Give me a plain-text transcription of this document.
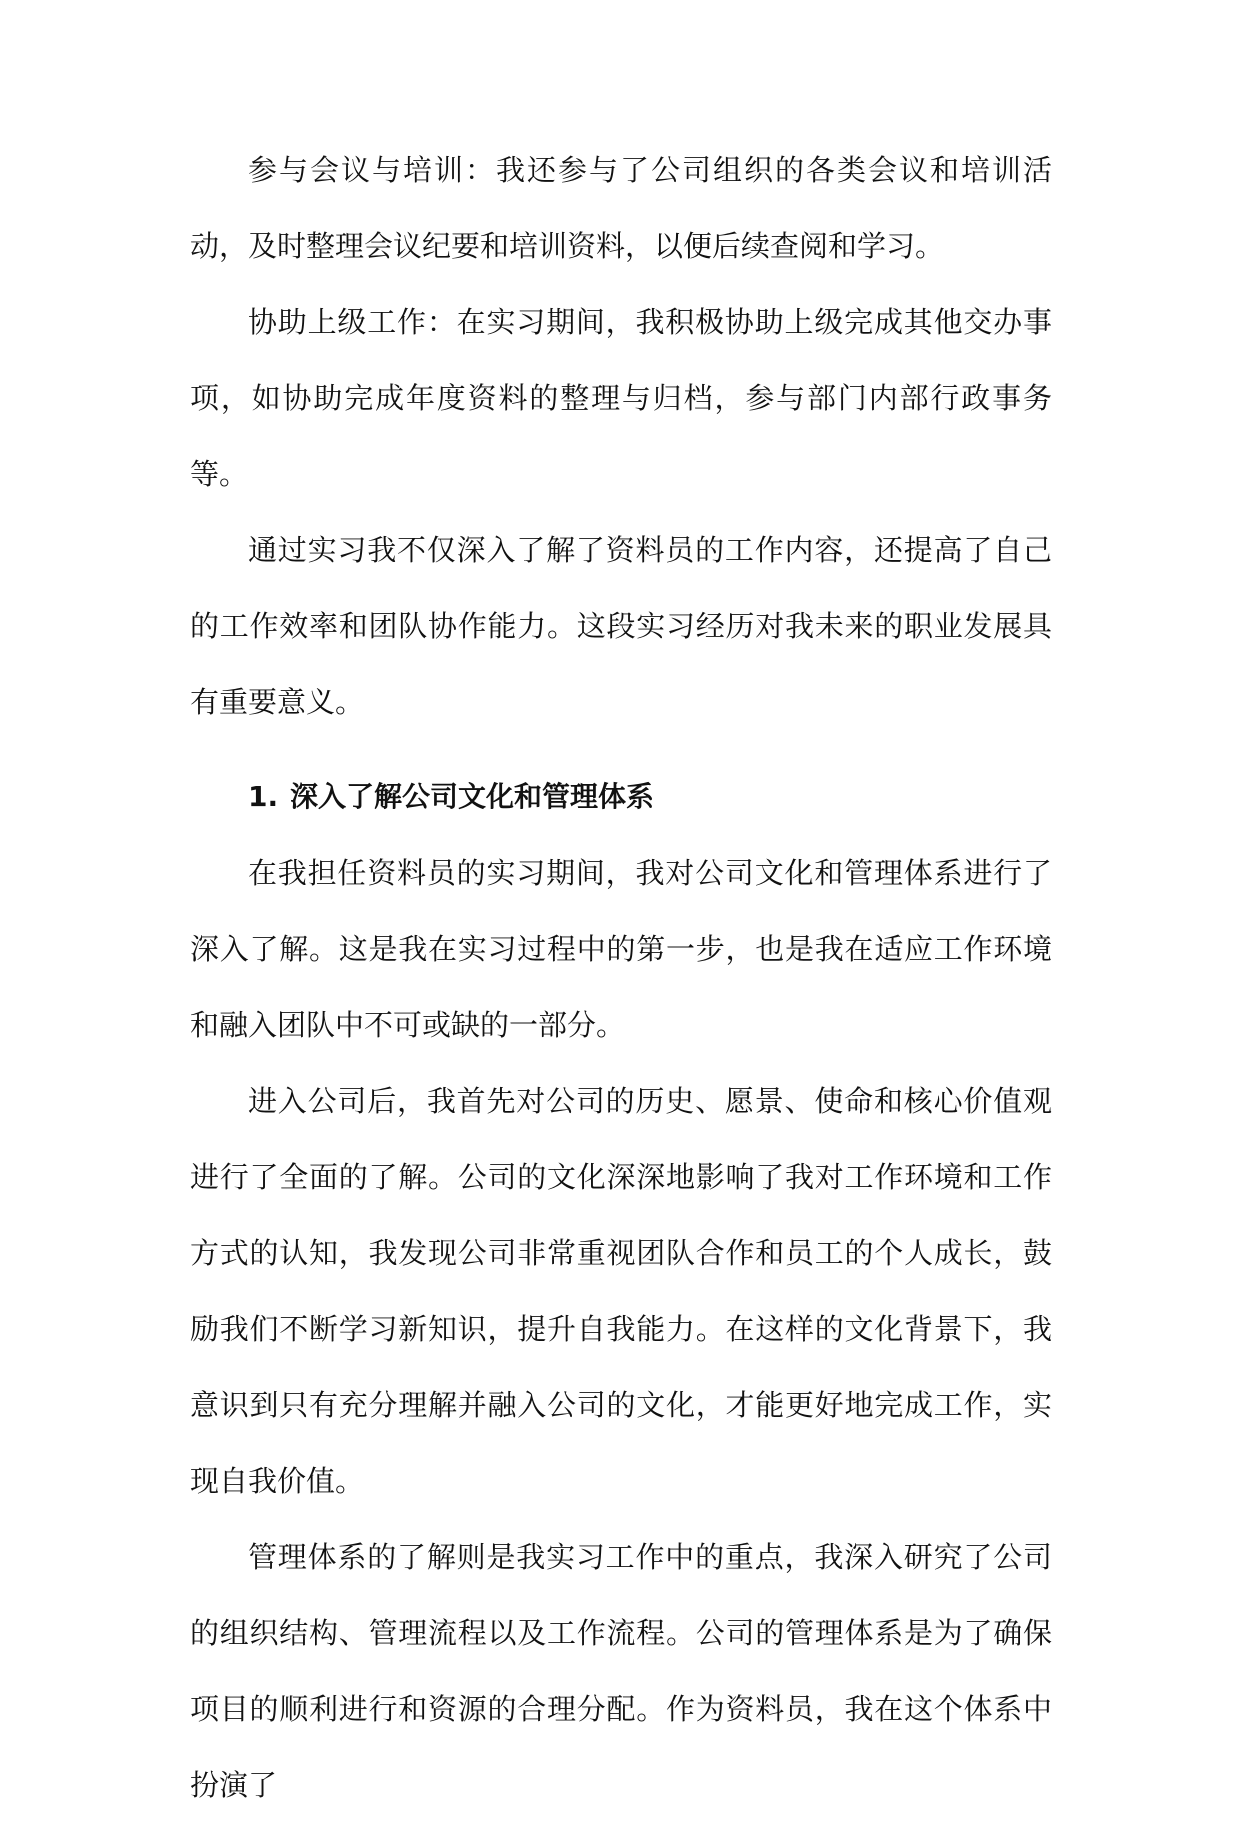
参与会议与培训：我还参与了公司组织的各类会议和培训活动，及时整理会议纪要和培训资料，以便后续查阅和学习。

协助上级工作：在实习期间，我积极协助上级完成其他交办事项，如协助完成年度资料的整理与归档，参与部门内部行政事务等。

通过实习我不仅深入了解了资料员的工作内容，还提高了自己的工作效率和团队协作能力。这段实习经历对我未来的职业发展具有重要意义。

1. 深入了解公司文化和管理体系

在我担任资料员的实习期间，我对公司文化和管理体系进行了深入了解。这是我在实习过程中的第一步，也是我在适应工作环境和融入团队中不可或缺的一部分。

进入公司后，我首先对公司的历史、愿景、使命和核心价值观进行了全面的了解。公司的文化深深地影响了我对工作环境和工作方式的认知，我发现公司非常重视团队合作和员工的个人成长，鼓励我们不断学习新知识，提升自我能力。在这样的文化背景下，我意识到只有充分理解并融入公司的文化，才能更好地完成工作，实现自我价值。

管理体系的了解则是我实习工作中的重点，我深入研究了公司的组织结构、管理流程以及工作流程。公司的管理体系是为了确保项目的顺利进行和资源的合理分配。作为资料员，我在这个体系中扮演了
